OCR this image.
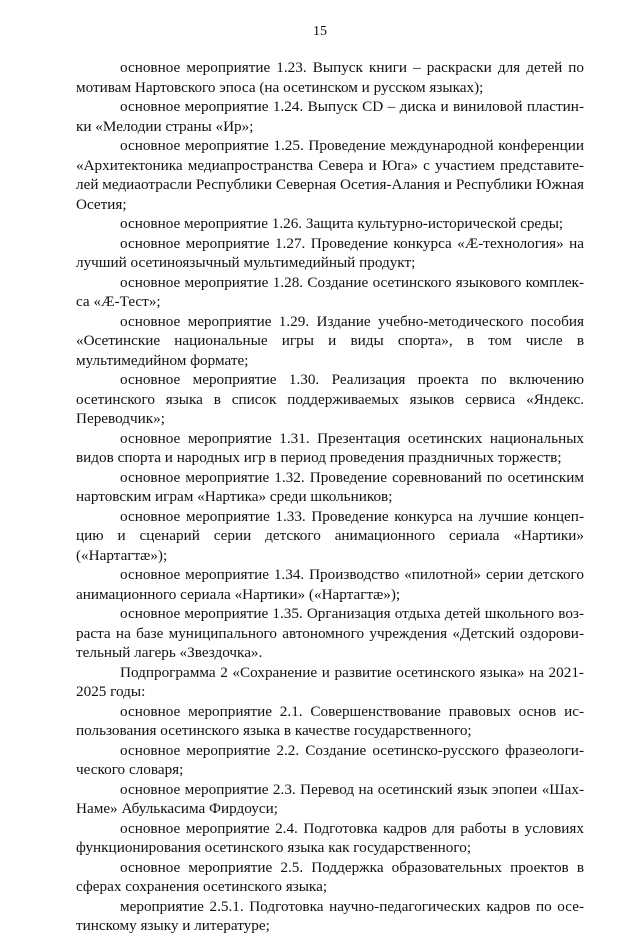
15

основное мероприятие 1.23. Выпуск книги – раскраски для детей по мотивам Нартовского эпоса (на осетинском и русском языках);

основное мероприятие 1.24. Выпуск CD – диска и виниловой пластинки «Мелодии страны «Ир»;

основное мероприятие 1.25. Проведение международной конференции «Архитектоника медиапространства Севера и Юга» с участием представителей медиаотрасли Республики Северная Осетия-Алания и Республики Южная Осетия;

основное мероприятие 1.26. Защита культурно-исторической среды;

основное мероприятие 1.27. Проведение конкурса «Æ-технология» на лучший осетиноязычный мультимедийный продукт;

основное мероприятие 1.28. Создание осетинского языкового комплекса «Æ-Тест»;

основное мероприятие 1.29. Издание учебно-методического пособия «Осетинские национальные игры и виды спорта», в том числе в мультимедийном формате;

основное мероприятие 1.30. Реализация проекта по включению осетинского языка в список поддерживаемых языков сервиса «Яндекс. Переводчик»;

основное мероприятие 1.31. Презентация осетинских национальных видов спорта и народных игр в период проведения праздничных торжеств;

основное мероприятие 1.32. Проведение соревнований по осетинским нартовским играм «Нартика» среди школьников;

основное мероприятие 1.33. Проведение конкурса на лучшие концепцию и сценарий серии детского анимационного сериала «Нартики» («Нартагтæ»);

основное мероприятие 1.34. Производство «пилотной» серии детского анимационного сериала «Нартики» («Нартагтæ»);

основное мероприятие 1.35. Организация отдыха детей школьного возраста на базе муниципального автономного учреждения «Детский оздоровительный лагерь «Звездочка».

Подпрограмма 2 «Сохранение и развитие осетинского языка» на 2021-2025 годы:

основное мероприятие 2.1. Совершенствование правовых основ использования осетинского языка в качестве государственного;

основное мероприятие 2.2. Создание осетинско-русского фразеологического словаря;

основное мероприятие 2.3. Перевод на осетинский язык эпопеи «Шах-Наме» Абулькасима Фирдоуси;

основное мероприятие 2.4. Подготовка кадров для работы в условиях функционирования осетинского языка как государственного;

основное мероприятие 2.5. Поддержка образовательных проектов в сферах сохранения осетинского языка;

мероприятие 2.5.1. Подготовка научно-педагогических кадров по осетинскому языку и литературе;
